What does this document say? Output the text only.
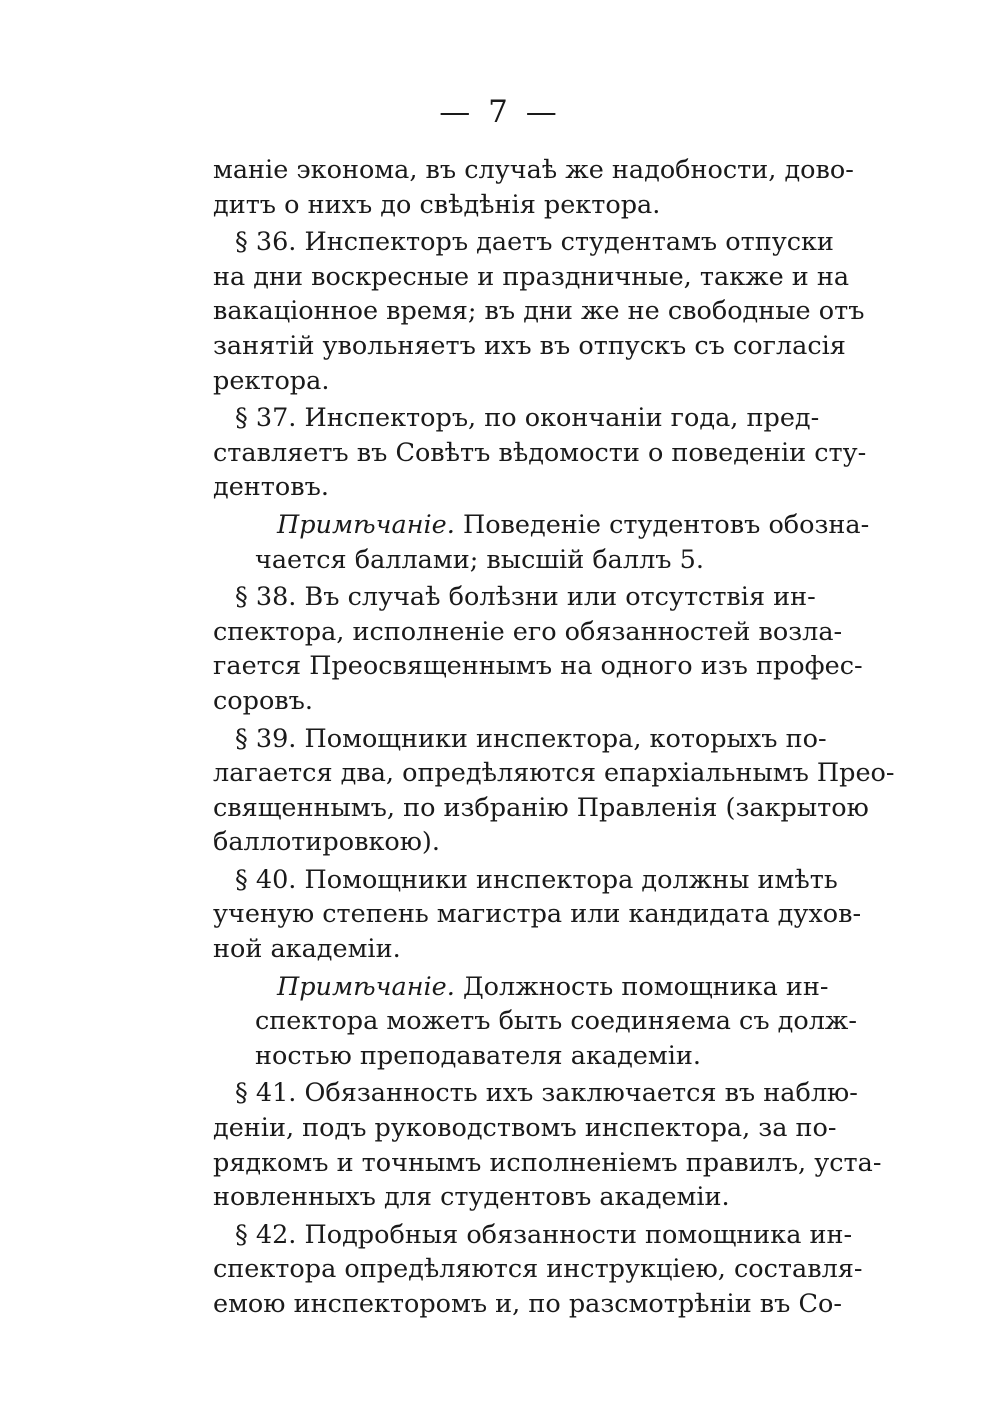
— 7 —
маніе эконома, въ случаѣ же надобности, дово-
дитъ о нихъ до свѣдѣнія ректора.
§ 36. Инспекторъ даетъ студентамъ отпуски
на дни воскресные и праздничные, также и на
вакаціонное время; въ дни же не свободные отъ
занятій увольняетъ ихъ въ отпускъ съ согласія
ректора.
§ 37. Инспекторъ, по окончаніи года, пред-
ставляетъ въ Совѣтъ вѣдомости о поведеніи сту-
дентовъ.
Примѣчаніе. Поведеніе студентовъ обозна-
чается баллами; высшій баллъ 5.
§ 38. Въ случаѣ болѣзни или отсутствія ин-
спектора, исполненіе его обязанностей возла-
гается Преосвященнымъ на одного изъ профес-
соровъ.
§ 39. Помощники инспектора, которыхъ по-
лагается два, опредѣляются епархіальнымъ Прео-
священнымъ, по избранію Правленія (закрытою
баллотировкою).
§ 40. Помощники инспектора должны имѣть
ученую степень магистра или кандидата духов-
ной академіи.
Примѣчаніе. Должность помощника ин-
спектора можетъ быть соединяема съ долж-
ностью преподавателя академіи.
§ 41. Обязанность ихъ заключается въ наблю-
деніи, подъ руководствомъ инспектора, за по-
рядкомъ и точнымъ исполненіемъ правилъ, уста-
новленныхъ для студентовъ академіи.
§ 42. Подробныя обязанности помощника ин-
спектора опредѣляются инструкціею, составля-
емою инспекторомъ и, по разсмотрѣніи въ Со-
